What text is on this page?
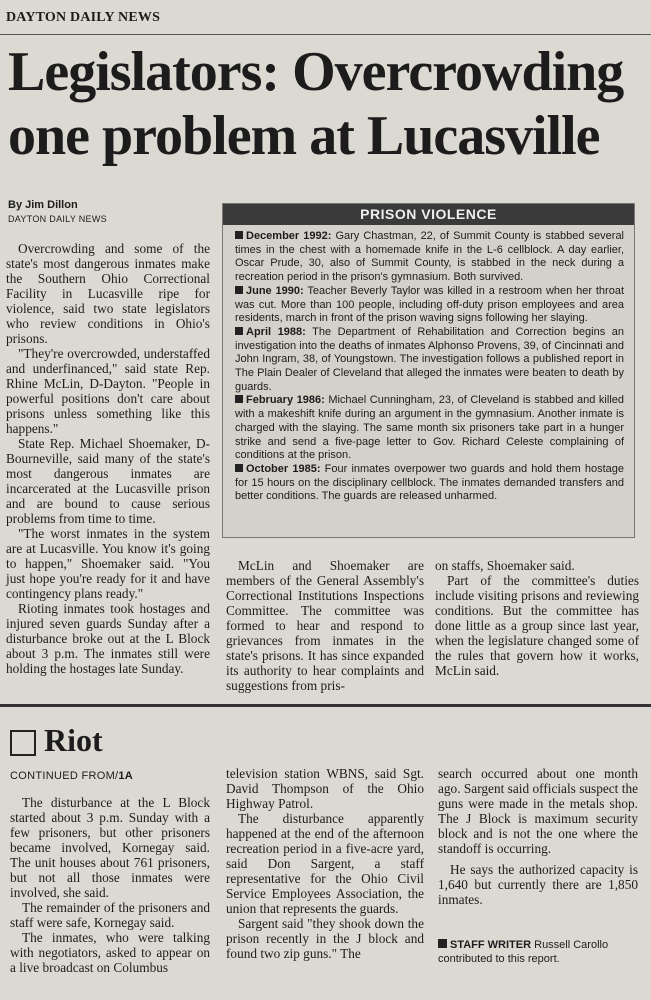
DAYTON DAILY NEWS
Legislators: Overcrowding one problem at Lucasville
By Jim Dillon
DAYTON DAILY NEWS

Overcrowding and some of the state's most dangerous inmates make the Southern Ohio Correctional Facility in Lucasville ripe for violence, said two state legislators who review conditions in Ohio's prisons.

"They're overcrowded, understaffed and underfinanced," said state Rep. Rhine McLin, D-Dayton. "People in powerful positions don't care about prisons unless something like this happens."

State Rep. Michael Shoemaker, D-Bourneville, said many of the state's most dangerous inmates are incarcerated at the Lucasville prison and are bound to cause serious problems from time to time.

"The worst inmates in the system are at Lucasville. You know it's going to happen," Shoemaker said. "You just hope you're ready for it and have contingency plans ready."

Rioting inmates took hostages and injured seven guards Sunday after a disturbance broke out at the L Block about 3 p.m. The inmates still were holding the hostages late Sunday.

PRISON VIOLENCE

December 1992: Gary Chastman, 22, of Summit County is stabbed several times in the chest with a homemade knife in the L-6 cellblock. A day earlier, Oscar Prude, 30, also of Summit County, is stabbed in the neck during a recreation period in the prison's gymnasium. Both survived.

June 1990: Teacher Beverly Taylor was killed in a restroom when her throat was cut. More than 100 people, including off-duty prison employees and area residents, march in front of the prison waving signs following her slaying.

April 1988: The Department of Rehabilitation and Correction begins an investigation into the deaths of inmates Alphonso Provens, 39, of Cincinnati and John Ingram, 38, of Youngstown. The investigation follows a published report in The Plain Dealer of Cleveland that alleged the inmates were beaten to death by guards.

February 1986: Michael Cunningham, 23, of Cleveland is stabbed and killed with a makeshift knife during an argument in the gymnasium. Another inmate is charged with the slaying. The same month six prisoners take part in a hunger strike and send a five-page letter to Gov. Richard Celeste complaining of conditions at the prison.

October 1985: Four inmates overpower two guards and hold them hostage for 15 hours on the disciplinary cellblock. The inmates demanded transfers and better conditions. The guards are released unharmed.

McLin and Shoemaker are members of the General Assembly's Correctional Institutions Inspections Committee. The committee was formed to hear and respond to grievances from inmates in the state's prisons. It has since expanded its authority to hear complaints and suggestions from pris-

on staffs, Shoemaker said.

Part of the committee's duties include visiting prisons and reviewing conditions. But the committee has done little as a group since last year, when the legislature changed some of the rules that govern how it works, McLin said.

Riot
CONTINUED FROM/1A

The disturbance at the L Block started about 3 p.m. Sunday with a few prisoners, but other prisoners became involved, Kornegay said. The unit houses about 761 prisoners, but not all those inmates were involved, she said.

The remainder of the prisoners and staff were safe, Kornegay said.

The inmates, who were talking with negotiators, asked to appear on a live broadcast on Columbus

television station WBNS, said Sgt. David Thompson of the Ohio Highway Patrol.

The disturbance apparently happened at the end of the afternoon recreation period in a five-acre yard, said Don Sargent, a staff representative for the Ohio Civil Service Employees Association, the union that represents the guards.

Sargent said "they shook down the prison recently in the J block and found two zip guns." The

search occurred about one month ago. Sargent said officials suspect the guns were made in the metals shop. The J Block is maximum security block and is not the one where the standoff is occurring.

He says the authorized capacity is 1,640 but currently there are 1,850 inmates.

STAFF WRITER Russell Carollo contributed to this report.
